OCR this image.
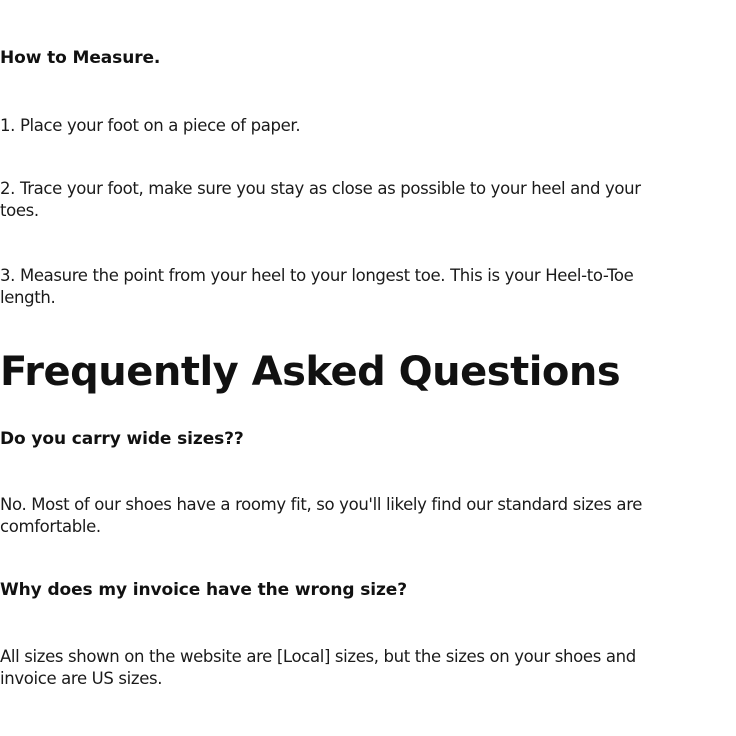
How to Measure.

1. Place your foot on a piece of paper.

2. Trace your foot, make sure you stay as close as possible to your heel and your
toes.
3. Measure the point from your heel to your longest toe. This is your Heel-to-Toe
length.
Frequently Asked Questions
Do you carry wide sizes??
No. Most of our shoes have a roomy fit, so you'll likely find our standard sizes are
comfortable.
Why does my invoice have the wrong size?
All sizes shown on the website are [Local] sizes, but the sizes on your shoes and
invoice are US sizes.
